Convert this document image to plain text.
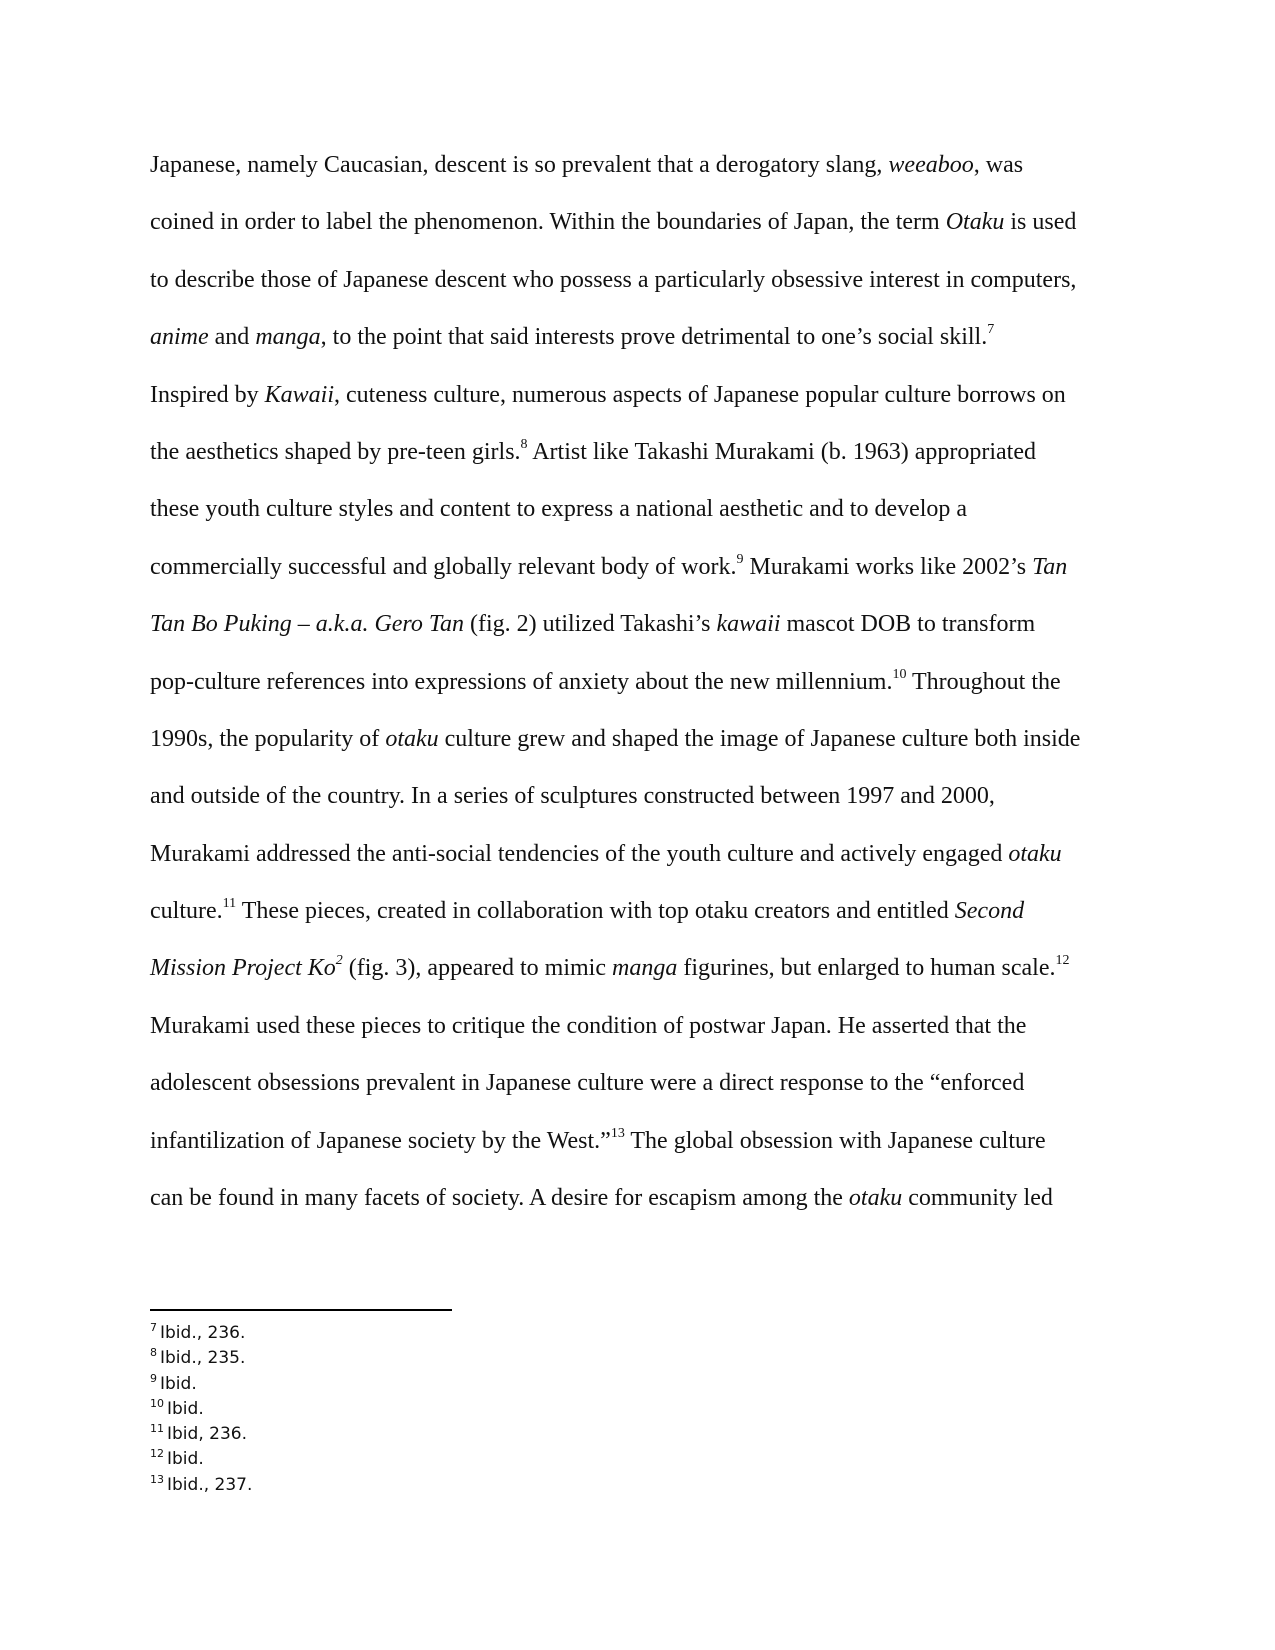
Japanese, namely Caucasian, descent is so prevalent that a derogatory slang, weeaboo, was
coined in order to label the phenomenon. Within the boundaries of Japan, the term Otaku is used
to describe those of Japanese descent who possess a particularly obsessive interest in computers,
anime and manga, to the point that said interests prove detrimental to one’s social skill.$^7$
Inspired by Kawaii, cuteness culture, numerous aspects of Japanese popular culture borrows on
the aesthetics shaped by pre-teen girls.$^8$ Artist like Takashi Murakami (b. 1963) appropriated
these youth culture styles and content to express a national aesthetic and to develop a
commercially successful and globally relevant body of work.$^9$ Murakami works like 2002’s Tan
Tan Bo Puking – a.k.a. Gero Tan (fig. 2) utilized Takashi’s kawaii mascot DOB to transform
pop-culture references into expressions of anxiety about the new millennium.$^{10}$ Throughout the
1990s, the popularity of otaku culture grew and shaped the image of Japanese culture both inside
and outside of the country. In a series of sculptures constructed between 1997 and 2000,
Murakami addressed the anti-social tendencies of the youth culture and actively engaged otaku
culture.$^{11}$ These pieces, created in collaboration with top otaku creators and entitled Second
Mission Project Ko$^2$ (fig. 3), appeared to mimic manga figurines, but enlarged to human scale.$^{12}$
Murakami used these pieces to critique the condition of postwar Japan. He asserted that the
adolescent obsessions prevalent in Japanese culture were a direct response to the “enforced
infantilization of Japanese society by the West.”$^{13}$ The global obsession with Japanese culture
can be found in many facets of society. A desire for escapism among the otaku community led
$^7$ Ibid., 236.
$^8$ Ibid., 235.
$^9$ Ibid.
$^{10}$ Ibid.
$^{11}$ Ibid, 236.
$^{12}$ Ibid.
$^{13}$ Ibid., 237.
